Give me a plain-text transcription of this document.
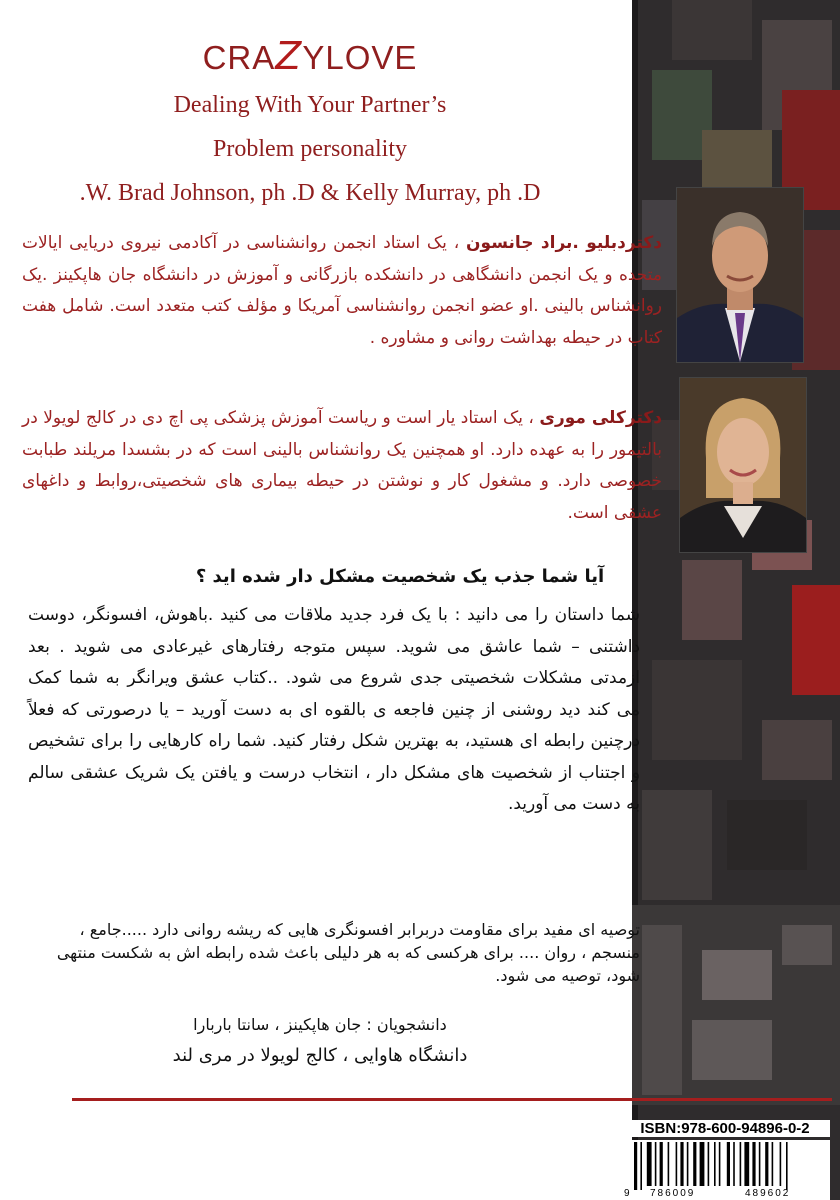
CRAZYLOVE
Dealing With Your Partner’s
Problem personality
.W. Brad Johnson, ph .D & Kelly Murray, ph .D
دکتردبلیو .براد جانسون ، یک استاد انجمن روانشناسی در آکادمی نیروی دریایی ایالات متحده و یک انجمن دانشگاهی در دانشکده بازرگانی و آموزش در دانشگاه جان هاپکینز .یک روانشناس بالینی .او عضو انجمن روانشناسی آمریکا و مؤلف کتب متعدد است. شامل هفت کتاب در حیطه بهداشت روانی و مشاوره .
دکترکلی موری ، یک استاد یار است و ریاست آموزش پزشکی پی اچ دی در کالج لویولا در بالتیمور را به عهده دارد. او همچنین یک روانشناس بالینی است که در بشسدا مریلند طبابت خصوصی دارد. و مشغول کار و نوشتن در حیطه بیماری های شخصیتی،روابط و داغهای عشقی است.
آیا شما جذب یک شخصیت مشکل دار شده اید ؟
شما داستان را می دانید : با یک فرد جدید ملاقات می کنید .باهوش، افسونگر، دوست داشتنی – شما عاشق می شوید. سپس متوجه رفتارهای غیرعادی می شوید . بعد ازمدتی مشکلات شخصیتی جدی شروع می شود. ..کتاب عشق ویرانگر به شما کمک می کند دید روشنی از چنین فاجعه ی بالقوه ای به دست آورید – یا درصورتی که فعلاً درچنین رابطه ای هستید، به بهترین شکل رفتار کنید. شما راه کارهایی را برای تشخیص و اجتناب از شخصیت های مشکل دار ، انتخاب درست و یافتن یک شریک عشقی سالم به دست می آورید.
توصیه ای مفید برای مقاومت دربرابر افسونگری هایی که ریشه روانی دارد .....جامع ، منسجم ، روان .... برای هرکسی که به هر دلیلی باعث شده رابطه اش به شکست منتهی شود، توصیه می شود.
دانشجویان : جان هاپکینز ، سانتا باربارا
دانشگاه هاوایی ، کالج لویولا در مری لند
ISBN:978-600-94896-0-2
9 786009	489602
